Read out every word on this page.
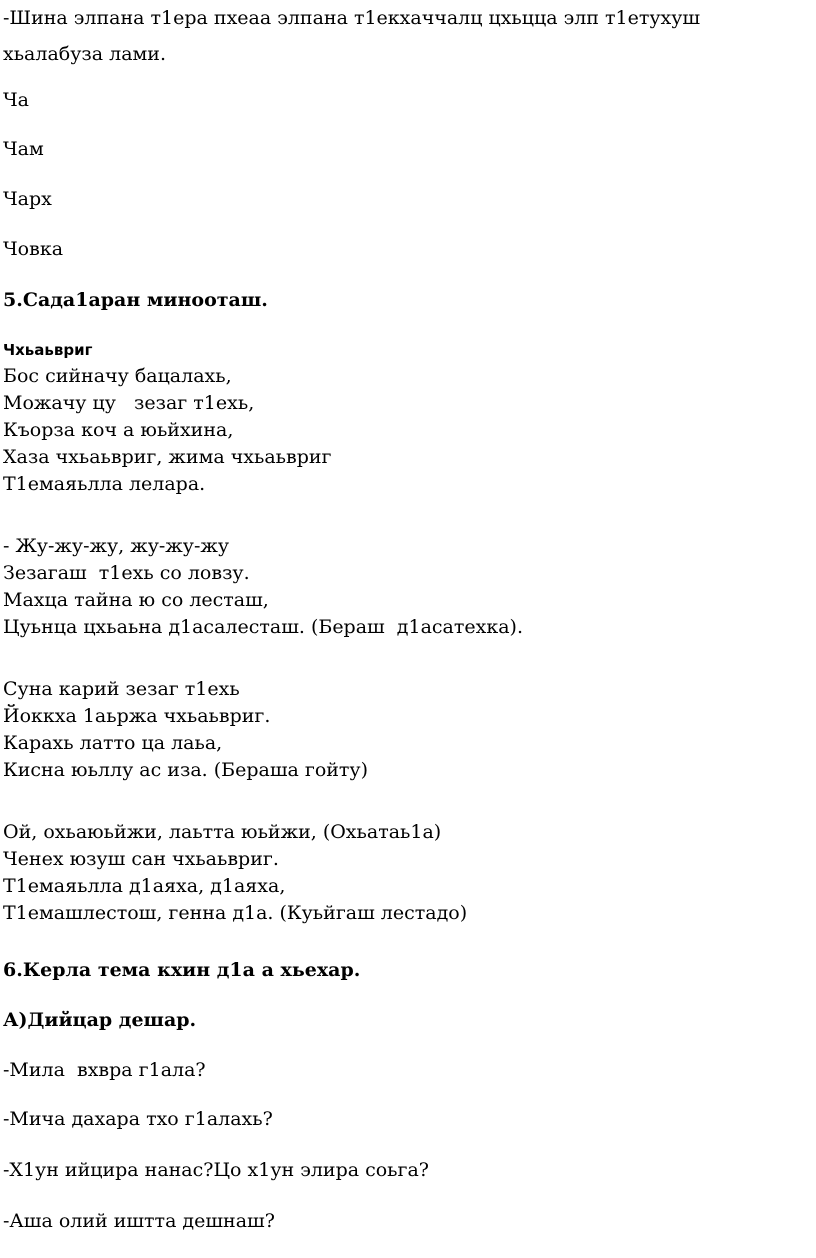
-Шина элпана т1ера пхеаа элпана т1екхаччалц цхьцца элп т1етухуш хьалабуза лами.

Ча

Чам

Чарх

Човка

5.Сада1аран минооташ.

Чхьаьвриг

Бос сийначу бацалахь,
Можачу цу   зезаг т1ехь,
Къорза коч а юьйхина,
Хаза чхьаьвриг, жима чхьаьвриг
Т1емаяьлла лелара.
- Жу-жу-жу, жу-жу-жу
Зезагаш  т1ехь со ловзу.
Махца тайна ю со лесташ,
Цуьнца цхьаьна д1асалесташ. (Бераш  д1асатехка).
Суна карий зезаг т1ехь
Йоккха 1аьржа чхьаьвриг.
Карахь латто ца лаьа,
Кисна юьллу ас иза. (Бераша гойту)
Ой, охьаюьйжи, лаьтта юьйжи, (Охьатаь1а)
Ченех юзуш сан чхьаьвриг.
Т1емаяьлла д1аяха, д1аяха,
Т1емашлестош, генна д1а. (Куьйгаш лестадо)

6.Керла тема кхин д1а а хьехар.

А)Дийцар дешар.

-Мила  вхвра г1ала?

-Мича дахара тхо г1алахь?

-Х1ун ийцира нанас?Цо х1ун элира соьга?

-Аша олий иштта дешнаш?
